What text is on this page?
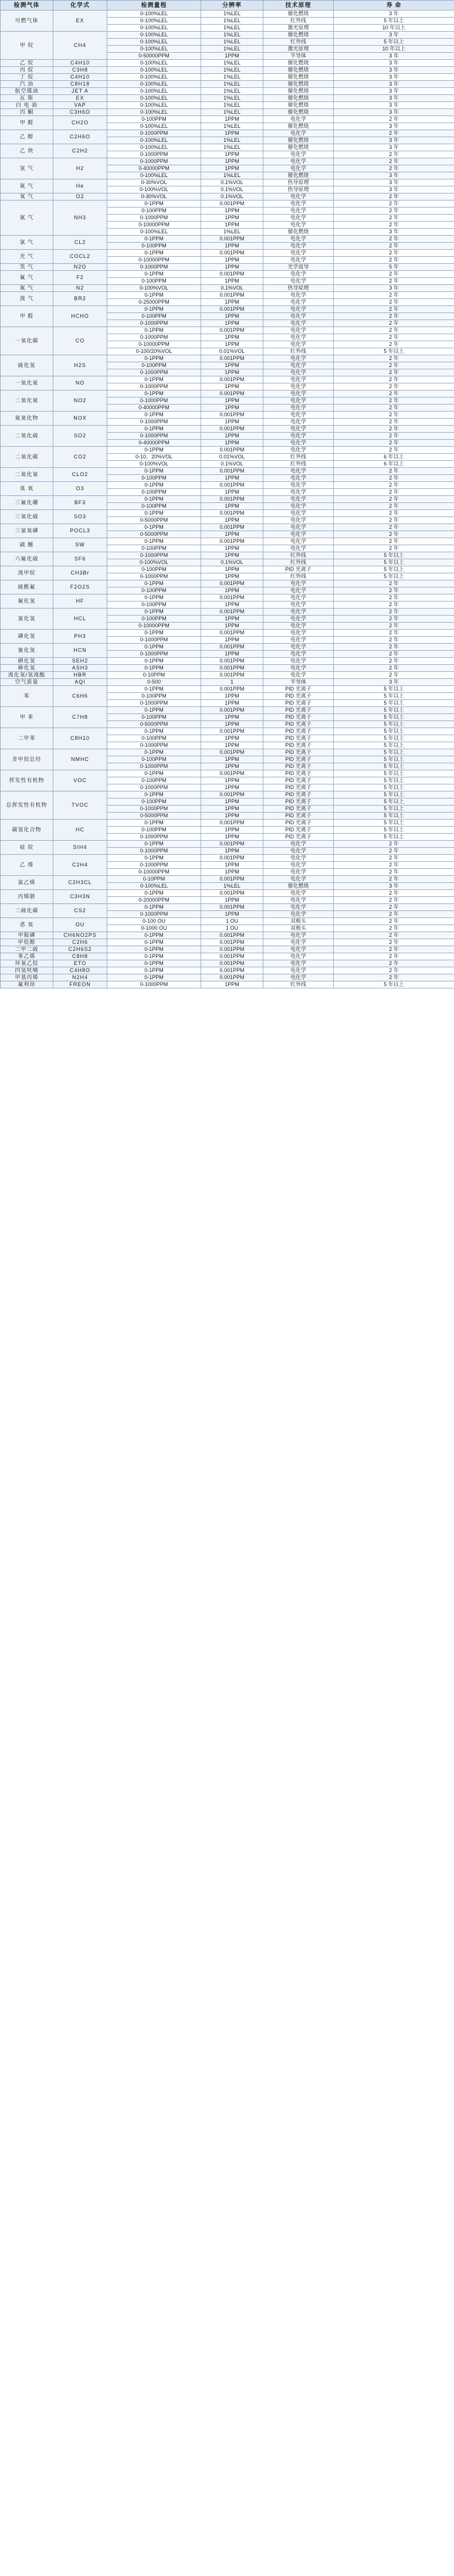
检测气体	化学式	检测量程	分辨率	技术原理	寿 命
可燃气体	EX	0-100%LEL	1%LEL	催化燃烧	3 年
		0-100%LEL	1%LEL	红外线	5 年以上
		0-100%LEL	1%LEL	激光原理	10 年以上
甲 烷	CH4	0-100%LEL	1%LEL	催化燃烧	3 年
		0-100%LEL	1%LEL	红外线	5 年以上
		0-100%LEL	1%LEL	激光原理	10 年以上
		0-50000PPM	1PPM	半导体	3 年
乙 烷	C4H10	0-100%LEL	1%LEL	催化燃烧	3 年
丙 烷	C3H8	0-100%LEL	1%LEL	催化燃烧	3 年
丁 烷	C4H10	0-100%LEL	1%LEL	催化燃烧	3 年
汽 油	C8H18	0-100%LEL	1%LEL	催化燃烧	3 年
航空煤油	JET A	0-100%LEL	1%LEL	催化燃烧	3 年
瓦 斯	EX	0-100%LEL	1%LEL	催化燃烧	3 年
白 电 油	VAP	0-100%LEL	1%LEL	催化燃烧	3 年
丙 酮	C3H6O	0-100%LEL	1%LEL	催化燃烧	3 年
甲 醛	CH2O	0-100PPM	1PPM	电化学	2 年
		0-100%LEL	1%LEL	催化燃烧	3 年
乙 醇	C2H6O	0-1000PPM	1PPM	电化学	2 年
		0-100%LEL	1%LEL	催化燃烧	3 年
乙 炔	C2H2	0-100%LEL	1%LEL	催化燃烧	3 年
		0-1000PPM	1PPM	电化学	2 年
氢 气	H2	0-1000PPM	1PPM	电化学	2 年
		0-40000PPM	1PPM	电化学	2 年
		0-100%LEL	1%LEL	催化燃烧	3 年
氦 气	He	0-30%VOL	0.1%VOL	热导原理	3 年
		0-100%VOL	0.1%VOL	热导原理	3 年
氧 气	O2	0-30%VOL	0.1%VOL	电化学	2 年
氨 气	NH3	0-1PPM	0.001PPM	电化学	2 年
		0-100PPM	1PPM	电化学	2 年
		0-1000PPM	1PPM	电化学	2 年
		0-10000PPM	1PPM	电化学	2 年
		0-100%LEL	1%LEL	催化燃烧	3 年
氯 气	CL2	0-1PPM	0.001PPM	电化学	2 年
		0-100PPM	1PPM	电化学	2 年
光 气	COCL2	0-1PPM	0.001PPM	电化学	2 年
		0-10000PPM	1PPM	电化学	2 年
笑 气	N2O	0-1000PPM	1PPM	光学波导	5 年
氟 气	F2	0-1PPM	0.001PPM	电化学	2 年
		0-100PPM	1PPM	电化学	2 年
氮 气	N2	0-100%VOL	0.1%VOL	热导原理	3 年
溴 气	BR2	0-1PPM	0.001PPM	电化学	2 年
		0-25000PPM	1PPM	电化学	2 年
甲 醛	HCHO	0-1PPM	0.001PPM	电化学	2 年
		0-100PPM	1PPM	电化学	2 年
		0-1000PPM	1PPM	电化学	2 年
一氧化碳	CO	0-1PPM	0.001PPM	电化学	2 年
		0-1000PPM	1PPM	电化学	2 年
		0-10000PPM	1PPM	电化学	2 年
		0-100/20%VOL	0.01%VOL	红外线	5 年以上
硫化氢	H2S	0-1PPM	0.001PPM	电化学	2 年
		0-100PPM	1PPM	电化学	2 年
		0-1000PPM	1PPM	电化学	2 年
一氧化氮	NO	0-1PPM	0.001PPM	电化学	2 年
		0-1000PPM	1PPM	电化学	2 年
二氧化氮	NO2	0-1PPM	0.001PPM	电化学	2 年
		0-1000PPM	1PPM	电化学	2 年
		0-40000PPM	1PPM	电化学	2 年
氮氧化物	NOX	0-1PPM	0.001PPM	电化学	2 年
		0-1000PPM	1PPM	电化学	2 年
二氧化硫	SO2	0-1PPM	0.001PPM	电化学	2 年
		0-1000PPM	1PPM	电化学	2 年
		0-40000PPM	1PPM	电化学	2 年
二氧化碳	CO2	0-1PPM	0.001PPM	电化学	2 年
		0-10、20%VOL	0.01%VOL	红外线	6 年以上
		0-100%VOL	0.1%VOL	红外线	6 年以上
二氧化氯	CLO2	0-1PPM	0.001PPM	电化学	2 年
		0-100PPM	1PPM	电化学	2 年
臭 氧	O3	0-1PPM	0.001PPM	电化学	2 年
		0-100PPM	1PPM	电化学	2 年
三氟化硼	BF3	0-1PPM	0.001PPM	电化学	2 年
		0-100PPM	1PPM	电化学	2 年
三氧化硫	SO3	0-1PPM	0.001PPM	电化学	2 年
		0-5000PPM	1PPM	电化学	2 年
三氯氧磷	POCL3	0-1PPM	0.001PPM	电化学	2 年
		0-5000PPM	1PPM	电化学	2 年
硫 醚	SW	0-1PPM	0.001PPM	电化学	2 年
		0-100PPM	1PPM	电化学	2 年
六氟化硫	SF6	0-1000PPM	1PPM	红外线	5 年以上
		0-100%VOL	0.1%VOL	红外线	5 年以上
溴甲烷	CH3Br	0-100PPM	1PPM	PID 光离子	5 年以上
		0-1000PPM	1PPM	红外线	5 年以上
硫酰氟	F2O2S	0-1PPM	0.001PPM	电化学	2 年
		0-100PPM	1PPM	电化学	2 年
氟化氢	HF	0-1PPM	0.001PPM	电化学	2 年
		0-100PPM	1PPM	电化学	2 年
氯化氢	HCL	0-1PPM	0.001PPM	电化学	2 年
		0-100PPM	1PPM	电化学	2 年
		0-10000PPM	1PPM	电化学	2 年
磷化氢	PH3	0-1PPM	0.001PPM	电化学	2 年
		0-1000PPM	1PPM	电化学	2 年
氰化氢	HCN	0-1PPM	0.001PPM	电化学	2 年
		0-1000PPM	1PPM	电化学	2 年
硒化氢	SEH2	0-1PPM	0.001PPM	电化学	2 年
砷化氢	ASH3	0-1PPM	0.001PPM	电化学	2 年
溴化氢/氢溴酸	HBR	0-10PPM	0.001PPM	电化学	2 年
空气质量	AQI	0-500	1	半导体	3 年
苯	C6H6	0-1PPM	0.001PPM	PID 光离子	5 年以上
		0-100PPM	1PPM	PID 光离子	5 年以上
		0-1000PPM	1PPM	PID 光离子	5 年以上
甲 苯	C7H8	0-1PPM	0.001PPM	PID 光离子	5 年以上
		0-100PPM	1PPM	PID 光离子	5 年以上
		0-5000PPM	1PPM	PID 光离子	5 年以上
二甲苯	C8H10	0-1PPM	0.001PPM	PID 光离子	5 年以上
		0-100PPM	1PPM	PID 光离子	5 年以上
		0-1000PPM	1PPM	PID 光离子	5 年以上
非甲烷总烃	NMHC	0-1PPM	0.001PPM	PID 光离子	5 年以上
		0-100PPM	1PPM	PID 光离子	5 年以上
		0-1000PPM	1PPM	PID 光离子	5 年以上
挥发性有机物	VOC	0-1PPM	0.001PPM	PID 光离子	5 年以上
		0-100PPM	1PPM	PID 光离子	5 年以上
		0-1000PPM	1PPM	PID 光离子	5 年以上
总挥发性有机物	TVOC	0-1PPM	0.001PPM	PID 光离子	5 年以上
		0-100PPM	1PPM	PID 光离子	5 年以上
		0-1000PPM	1PPM	PID 光离子	5 年以上
		0-5000PPM	1PPM	PID 光离子	5 年以上
碳氢化合物	HC	0-1PPM	0.001PPM	PID 光离子	5 年以上
		0-100PPM	1PPM	PID 光离子	5 年以上
		0-1000PPM	1PPM	PID 光离子	5 年以上
硅 烷	SIH4	0-1PPM	0.001PPM	电化学	2 年
		0-1000PPM	1PPM	电化学	2 年
乙 烯	C2H4	0-1PPM	0.001PPM	电化学	2 年
		0-1000PPM	1PPM	电化学	2 年
		0-10000PPM	1PPM	电化学	2 年
氯乙烯	C2H3CL	0-10PPM	0.001PPM	电化学	2 年
		0-100%LEL	1%LEL	催化燃烧	3 年
丙烯腈	C3H3N	0-1PPM	0.001PPM	电化学	2 年
		0-20000PPM	1PPM	电化学	2 年
二硫化碳	CS2	0-1PPM	0.001PPM	电化学	2 年
		0-1000PPM	1PPM	电化学	2 年
恶 臭	OU	0-100 OU	1 OU	双极头	2 年
		0-1000 OU	1 OU	双极头	2 年
甲胺磷	CH6NO2PS	0-1PPM	0.001PPM	电化学	2 年
甲烷醇	C2H6	0-1PPM	0.001PPM	电化学	2 年
二甲二硫	C2H6S2	0-1PPM	0.001PPM	电化学	2 年
苯乙烯	C8H8	0-1PPM	0.001PPM	电化学	2 年
环氧乙烷	ETO	0-1PPM	0.001PPM	电化学	2 年
四氢呋喃	C4H8O	0-1PPM	0.001PPM	电化学	2 年
甲基丙烯	N2H4	0-1PPM	0.001PPM	电化学	2 年
氟利昂	FREON	0-1000PPM	1PPM	红外线	5 年以上
